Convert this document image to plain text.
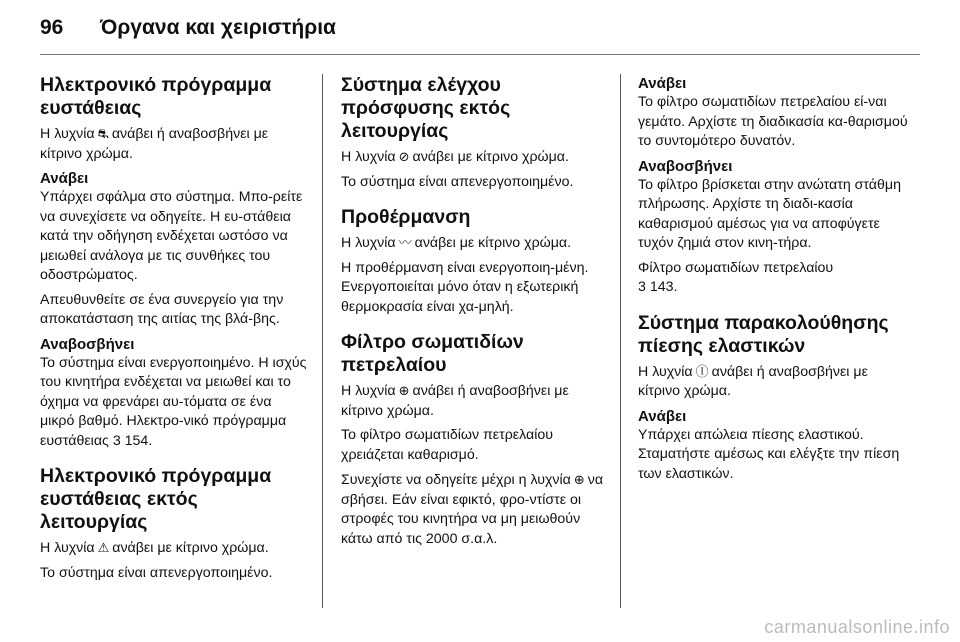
96	Όργανα και χειριστήρια
Ηλεκτρονικό πρόγραμμα ευστάθειας

Η λυχνία ⛐ ανάβει ή αναβοσβήνει με κίτρινο χρώμα.

Ανάβει

Υπάρχει σφάλμα στο σύστημα. Μπο-ρείτε να συνεχίσετε να οδηγείτε. Η ευ-στάθεια κατά την οδήγηση ενδέχεται ωστόσο να μειωθεί ανάλογα με τις συνθήκες του οδοστρώματος.

Απευθυνθείτε σε ένα συνεργείο για την αποκατάσταση της αιτίας της βλά-βης.

Αναβοσβήνει

Το σύστημα είναι ενεργοποιημένο. Η ισχύς του κινητήρα ενδέχεται να μειωθεί και το όχημα να φρενάρει αυ-τόματα σε ένα μικρό βαθμό. Ηλεκτρο-νικό πρόγραμμα ευστάθειας 3 154.

Ηλεκτρονικό πρόγραμμα ευστάθειας εκτός λειτουργίας

Η λυχνία ⚠ ανάβει με κίτρινο χρώμα.

Το σύστημα είναι απενεργοποιημένο.

Σύστημα ελέγχου πρόσφυσης εκτός λειτουργίας

Η λυχνία ⊘ ανάβει με κίτρινο χρώμα.

Το σύστημα είναι απενεργοποιημένο.

Προθέρμανση

Η λυχνία 〰 ανάβει με κίτρινο χρώμα.

Η προθέρμανση είναι ενεργοποιη-μένη. Ενεργοποιείται μόνο όταν η εξωτερική θερμοκρασία είναι χα-μηλή.

Φίλτρο σωματιδίων πετρελαίου

Η λυχνία ⊕ ανάβει ή αναβοσβήνει με κίτρινο χρώμα.

Το φίλτρο σωματιδίων πετρελαίου χρειάζεται καθαρισμό.

Συνεχίστε να οδηγείτε μέχρι η λυχνία ⊕ να σβήσει. Εάν είναι εφικτό, φρο-ντίστε οι στροφές του κινητήρα να μη μειωθούν κάτω από τις 2000 σ.α.λ.

Ανάβει

Το φίλτρο σωματιδίων πετρελαίου εί-ναι γεμάτο. Αρχίστε τη διαδικασία κα-θαρισμού το συντομότερο δυνατόν.

Αναβοσβήνει

Το φίλτρο βρίσκεται στην ανώτατη στάθμη πλήρωσης. Αρχίστε τη διαδι-κασία καθαρισμού αμέσως για να αποφύγετε τυχόν ζημιά στον κινη-τήρα.

Φίλτρο σωματιδίων πετρελαίου
3 143.

Σύστημα παρακολούθησης πίεσης ελαστικών

Η λυχνία Ⓘ ανάβει ή αναβοσβήνει με κίτρινο χρώμα.

Ανάβει

Υπάρχει απώλεια πίεσης ελαστικού. Σταματήστε αμέσως και ελέγξτε την πίεση των ελαστικών.

carmanualsonline.info
